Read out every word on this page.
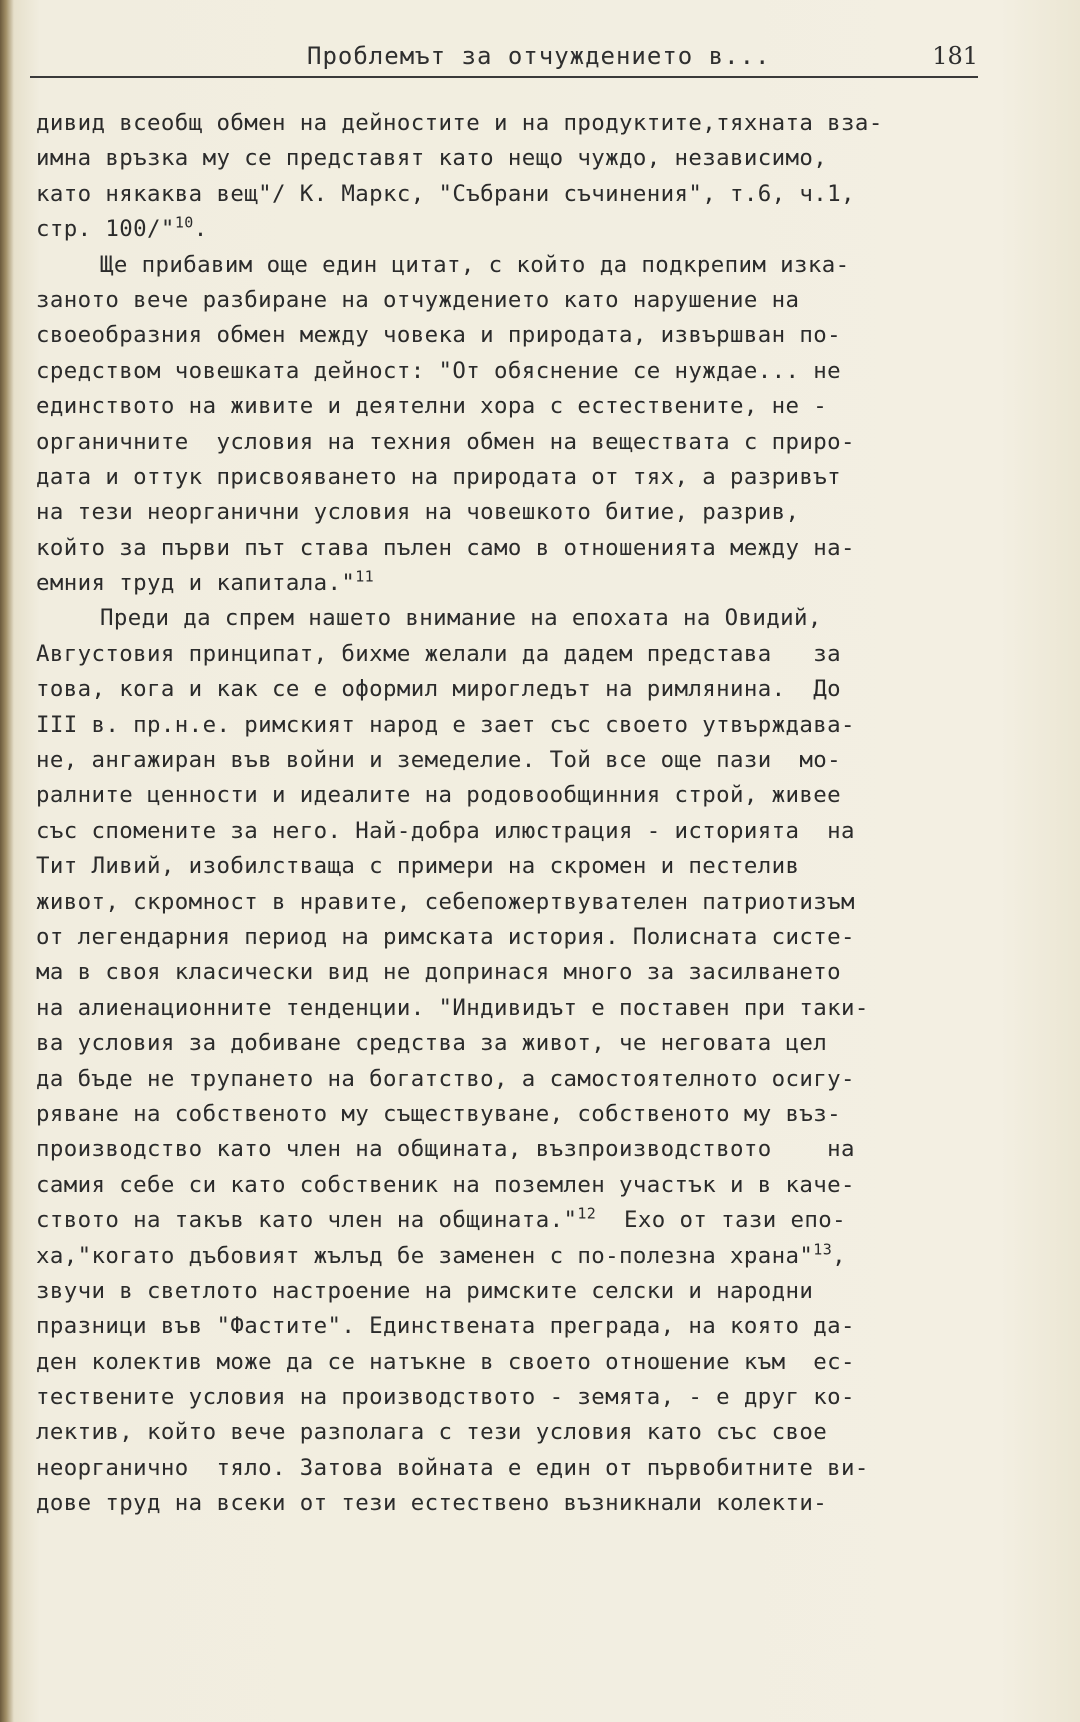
Проблемът за отчуждението в...	181
дивид всеобщ обмен на дейностите и на продуктите,тяхната вза-
имна връзка му се представят като нещо чуждо, независимо,
като някаква вещ"/ К. Маркс, "Събрани съчинения", т.6, ч.1,
стр. 100/"$^{10}$.
Ще прибавим още един цитат, с който да подкрепим изка-
заното вече разбиране на отчуждението като нарушение на
своеобразния обмен между човека и природата, извършван по-
средством човешката дейност: "От обяснение се нуждае... не
единството на живите и деятелни хора с естествените, не -
органичните  условия на техния обмен на веществата с приро-
дата и оттук присвояването на природата от тях, а разривът
на тези неорганични условия на човешкото битие, разрив,
който за първи път става пълен само в отношенията между на-
емния труд и капитала."$^{11}$
Преди да спрем нашето внимание на епохата на Овидий,
Августовия принципат, бихме желали да дадем представа   за
това, кога и как се е оформил мирогледът на римлянина.  До
III в. пр.н.е. римският народ е зает със своето утвърждава-
не, ангажиран във войни и земеделие. Той все още пази  мо-
ралните ценности и идеалите на родовообщинния строй, живее
със спомените за него. Най-добра илюстрация - историята  на
Тит Ливий, изобилстваща с примери на скромен и пестелив
живот, скромност в нравите, себепожертвувателен патриотизъм
от легендарния период на римската история. Полисната систе-
ма в своя класически вид не допринася много за засилването
на алиенационните тенденции. "Индивидът е поставен при таки-
ва условия за добиване средства за живот, че неговата цел
да бъде не трупането на богатство, а самостоятелното осигу-
ряване на собственото му съществуване, собственото му въз-
производство като член на общината, възпроизводството    на
самия себе си като собственик на поземлен участък и в каче-
ството на такъв като член на общината."$^{12}$  Ехо от тази епо-
ха,"когато дъбовият жълъд бе заменен с по-полезна храна"$^{13}$,
звучи в светлото настроение на римските селски и народни
празници във "Фастите". Единствената преграда, на която да-
ден колектив може да се натъкне в своето отношение към  ес-
тествените условия на производството - земята, - е друг ко-
лектив, който вече разполага с тези условия като със свое
неорганично  тяло. Затова войната е един от първобитните ви-
дове труд на всеки от тези естествено възникнали колекти-
